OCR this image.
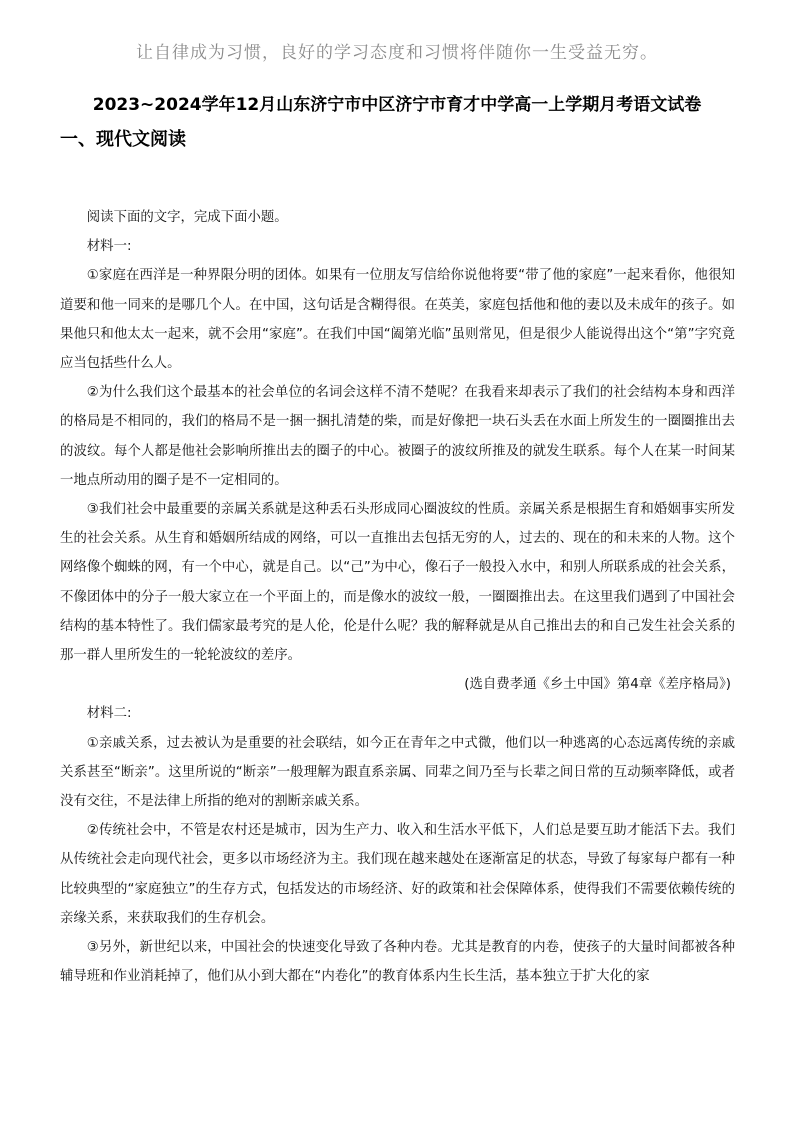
让自律成为习惯，良好的学习态度和习惯将伴随你一生受益无穷。
2023~2024学年12月山东济宁市中区济宁市育才中学高一上学期月考语文试卷
一、现代文阅读

阅读下面的文字，完成下面小题。

材料一:

①家庭在西洋是一种界限分明的团体。如果有一位朋友写信给你说他将要“带了他的家庭”一起来看你，他很知道要和他一同来的是哪几个人。在中国，这句话是含糊得很。在英美，家庭包括他和他的妻以及未成年的孩子。如果他只和他太太一起来，就不会用“家庭”。在我们中国“阖第光临”虽则常见，但是很少人能说得出这个“第”字究竟应当包括些什么人。

②为什么我们这个最基本的社会单位的名词会这样不清不楚呢？在我看来却表示了我们的社会结构本身和西洋的格局是不相同的，我们的格局不是一捆一捆扎清楚的柴，而是好像把一块石头丢在水面上所发生的一圈圈推出去的波纹。每个人都是他社会影响所推出去的圈子的中心。被圈子的波纹所推及的就发生联系。每个人在某一时间某一地点所动用的圈子是不一定相同的。

③我们社会中最重要的亲属关系就是这种丢石头形成同心圈波纹的性质。亲属关系是根据生育和婚姻事实所发生的社会关系。从生育和婚姻所结成的网络，可以一直推出去包括无穷的人，过去的、现在的和未来的人物。这个网络像个蜘蛛的网，有一个中心，就是自己。以“己”为中心，像石子一般投入水中，和别人所联系成的社会关系，不像团体中的分子一般大家立在一个平面上的，而是像水的波纹一般，一圈圈推出去。在这里我们遇到了中国社会结构的基本特性了。我们儒家最考究的是人伦，伦是什么呢？我的解释就是从自己推出去的和自己发生社会关系的那一群人里所发生的一轮轮波纹的差序。

(选自费孝通《乡土中国》第4章《差序格局》)

材料二:

①亲戚关系，过去被认为是重要的社会联结，如今正在青年之中式微，他们以一种逃离的心态远离传统的亲戚关系甚至“断亲”。这里所说的“断亲”一般理解为跟直系亲属、同辈之间乃至与长辈之间日常的互动频率降低，或者没有交往，不是法律上所指的绝对的割断亲戚关系。

②传统社会中，不管是农村还是城市，因为生产力、收入和生活水平低下，人们总是要互助才能活下去。我们从传统社会走向现代社会，更多以市场经济为主。我们现在越来越处在逐渐富足的状态，导致了每家每户都有一种比较典型的“家庭独立”的生存方式，包括发达的市场经济、好的政策和社会保障体系，使得我们不需要依赖传统的亲缘关系，来获取我们的生存机会。

③另外，新世纪以来，中国社会的快速变化导致了各种内卷。尤其是教育的内卷，使孩子的大量时间都被各种辅导班和作业消耗掉了，他们从小到大都在“内卷化”的教育体系内生长生活，基本独立于扩大化的家
